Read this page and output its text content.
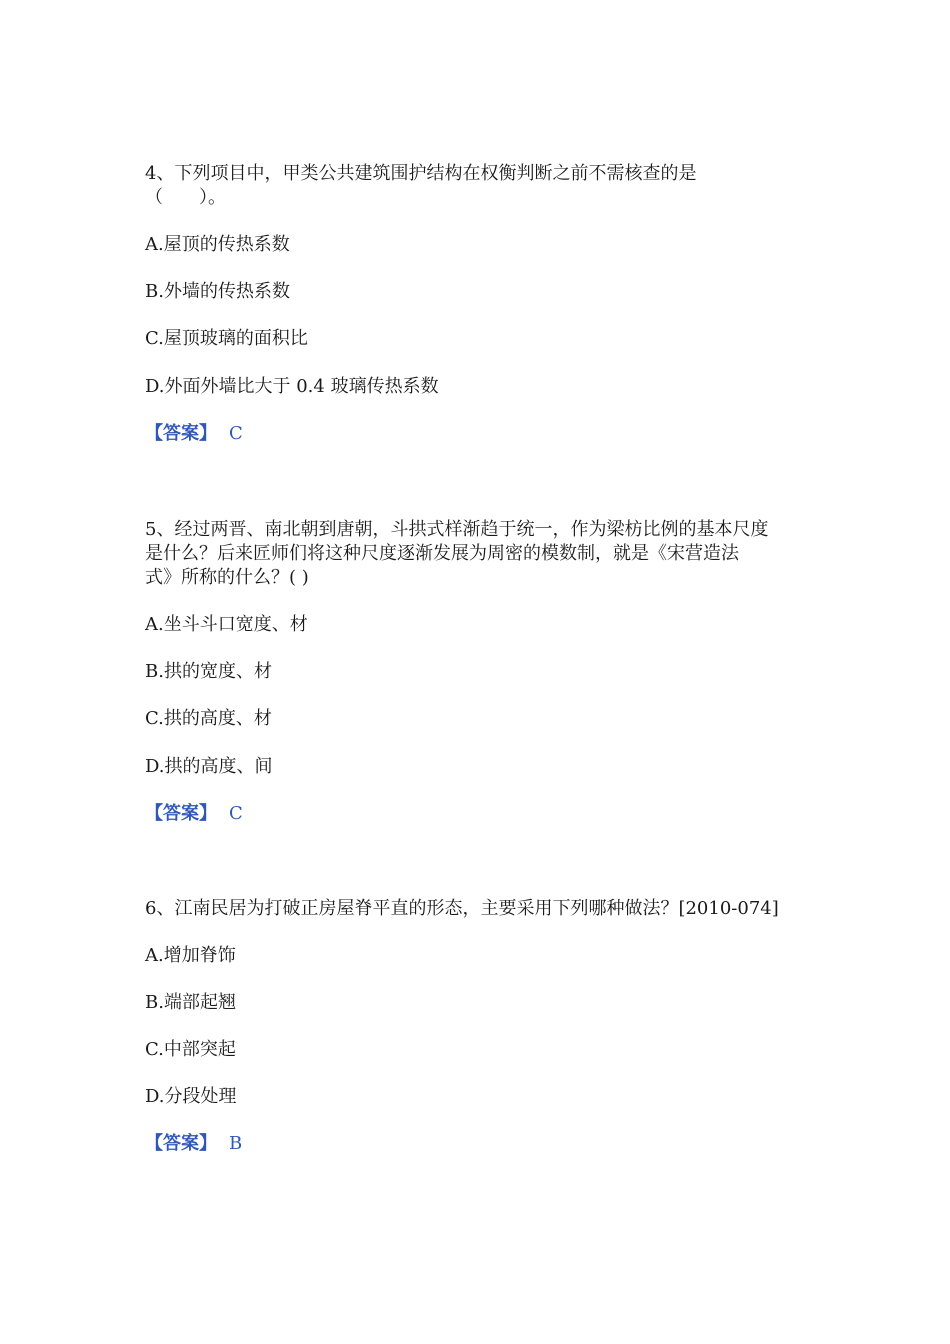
4、下列项目中，甲类公共建筑围护结构在权衡判断之前不需核查的是
（　　）。
A.屋顶的传热系数
B.外墙的传热系数
C.屋顶玻璃的面积比
D.外面外墙比大于 0.4 玻璃传热系数
【答案】 C
5、经过两晋、南北朝到唐朝，斗拱式样渐趋于统一，作为梁枋比例的基本尺度
是什么？后来匠师们将这种尺度逐渐发展为周密的模数制，就是《宋营造法
式》所称的什么？( )
A.坐斗斗口宽度、材
B.拱的宽度、材
C.拱的高度、材
D.拱的高度、间
【答案】 C
6、江南民居为打破正房屋脊平直的形态，主要采用下列哪种做法？[2010-074]
A.增加脊饰
B.端部起翘
C.中部突起
D.分段处理
【答案】 B
